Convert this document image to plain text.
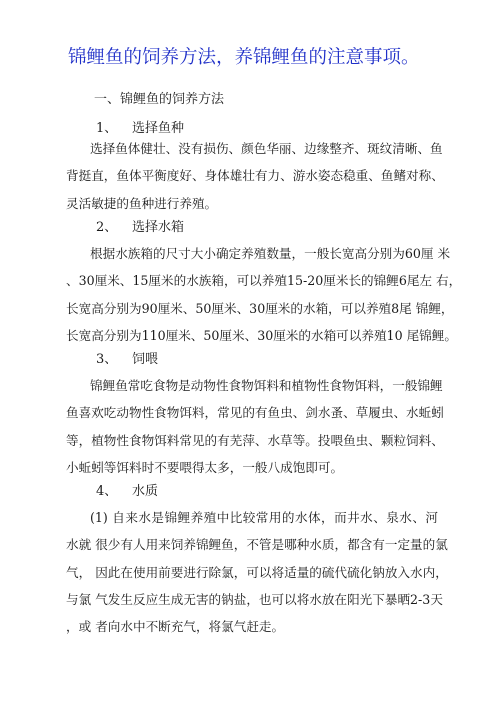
锦鲤鱼的饲养方法，养锦鲤鱼的注意事项。
一、锦鲤鱼的饲养方法
1、 选择鱼种
选择鱼体健壮、没有损伤、颜色华丽、边缘整齐、斑纹清晰、鱼
背挺直，鱼体平衡度好、身体雄壮有力、游水姿态稳重、鱼鳍对称、
灵活敏捷的鱼种进行养殖。
2、 选择水箱
根据水族箱的尺寸大小确定养殖数量，一般长宽高分别为60厘 米
、30厘米、15厘米的水族箱，可以养殖15-20厘米长的锦鲤6尾左 右，
长宽高分别为90厘米、50厘米、30厘米的水箱，可以养殖8尾 锦鲤，
长宽高分别为110厘米、50厘米、30厘米的水箱可以养殖10 尾锦鲤。
3、 饲喂
锦鲤鱼常吃食物是动物性食物饵料和植物性食物饵料，一般锦鲤
鱼喜欢吃动物性食物饵料，常见的有鱼虫、剑水蚤、草履虫、水蚯蚓
等，植物性食物饵料常见的有芜萍、水草等。投喂鱼虫、颗粒饲料、
小蚯蚓等饵料时不要喂得太多，一般八成饱即可。
4、 水质
(1) 自来水是锦鲤养殖中比较常用的水体，而井水、泉水、河
水就 很少有人用来饲养锦鲤鱼，不管是哪种水质，都含有一定量的氯
气， 因此在使用前要进行除氯，可以将适量的硫代硫化钠放入水内，
与氯 气发生反应生成无害的钠盐，也可以将水放在阳光下暴晒2-3天
，或 者向水中不断充气，将氯气赶走。
